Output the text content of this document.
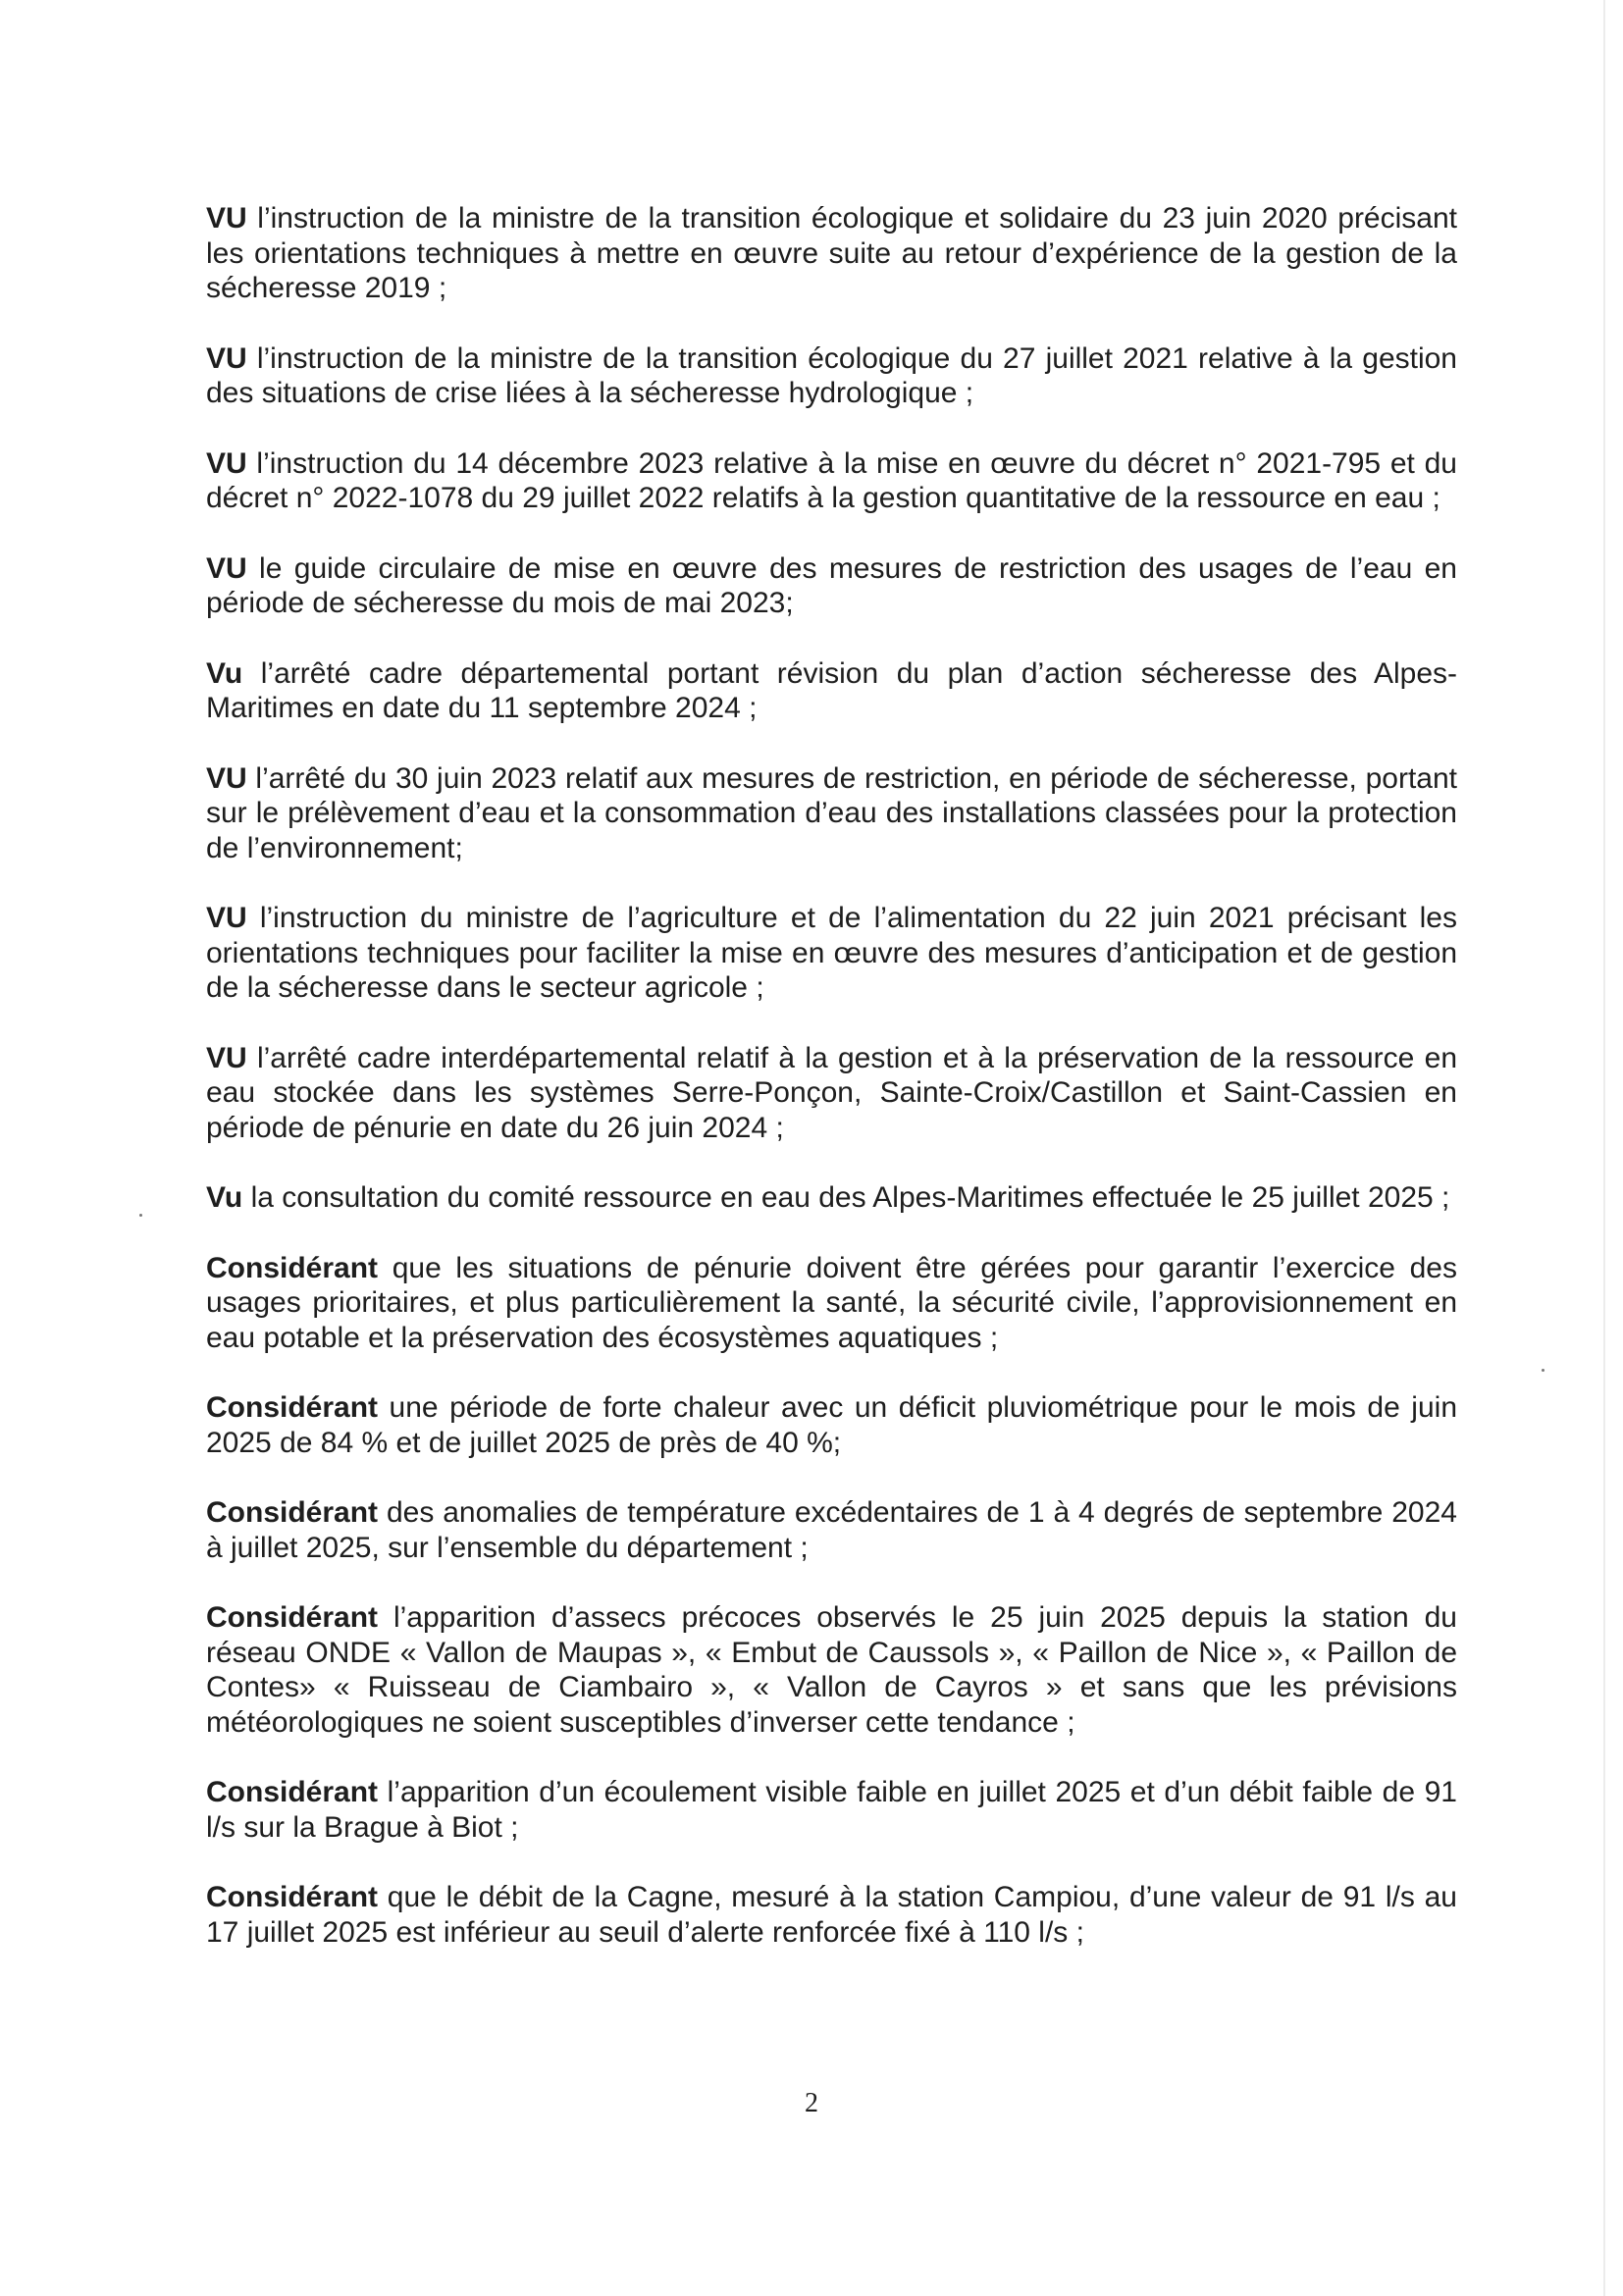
VU l’instruction de la ministre de la transition écologique et solidaire du 23 juin 2020 précisant les orientations techniques à mettre en œuvre suite au retour d’expérience de la gestion de la sécheresse 2019 ;

VU l’instruction de la ministre de la transition écologique du 27 juillet 2021 relative à la gestion des situations de crise liées à la sécheresse hydrologique ;

VU l’instruction du 14 décembre 2023 relative à la mise en œuvre du décret n° 2021-795 et du décret n° 2022-1078 du 29 juillet 2022 relatifs à la gestion quantitative de la ressource en eau ;

VU le guide circulaire de mise en œuvre des mesures de restriction des usages de l’eau en période de sécheresse du mois de mai 2023;

Vu l’arrêté cadre départemental portant révision du plan d’action sécheresse des Alpes-Maritimes en date du 11 septembre 2024 ;

VU l’arrêté du 30 juin 2023 relatif aux mesures de restriction, en période de sécheresse, portant sur le prélèvement d’eau et la consommation d’eau des installations classées pour la protection de l’environnement;

VU l’instruction du ministre de l’agriculture et de l’alimentation du 22 juin 2021 précisant les orientations techniques pour faciliter la mise en œuvre des mesures d’anticipation et de gestion de la sécheresse dans le secteur agricole ;

VU l’arrêté cadre interdépartemental relatif à la gestion et à la préservation de la ressource en eau stockée dans les systèmes Serre-Ponçon, Sainte-Croix/Castillon et Saint-Cassien en période de pénurie en date du 26 juin 2024 ;

Vu la consultation du comité ressource en eau des Alpes-Maritimes effectuée le 25 juillet 2025 ;

Considérant que les situations de pénurie doivent être gérées pour garantir l’exercice des usages prioritaires, et plus particulièrement la santé, la sécurité civile, l’approvisionnement en eau potable et la préservation des écosystèmes aquatiques ;

Considérant une période de forte chaleur avec un déficit pluviométrique pour le mois de juin 2025 de 84 % et de juillet 2025 de près de 40 %;

Considérant des anomalies de température excédentaires de 1 à 4 degrés de septembre 2024 à juillet 2025, sur l’ensemble du département ;

Considérant l’apparition d’assecs précoces observés le 25 juin 2025 depuis la station du réseau ONDE « Vallon de Maupas », « Embut de Caussols », « Paillon de Nice », « Paillon de Contes» « Ruisseau de Ciambairo », « Vallon de Cayros » et sans que les prévisions météorologiques ne soient susceptibles d’inverser cette tendance ;

Considérant l’apparition d’un écoulement visible faible en juillet 2025 et d’un débit faible de 91 l/s sur la Brague à Biot ;

Considérant que le débit de la Cagne, mesuré à la station Campiou, d’une valeur de 91 l/s au 17 juillet 2025 est inférieur au seuil d’alerte renforcée fixé à 110 l/s ;

2
